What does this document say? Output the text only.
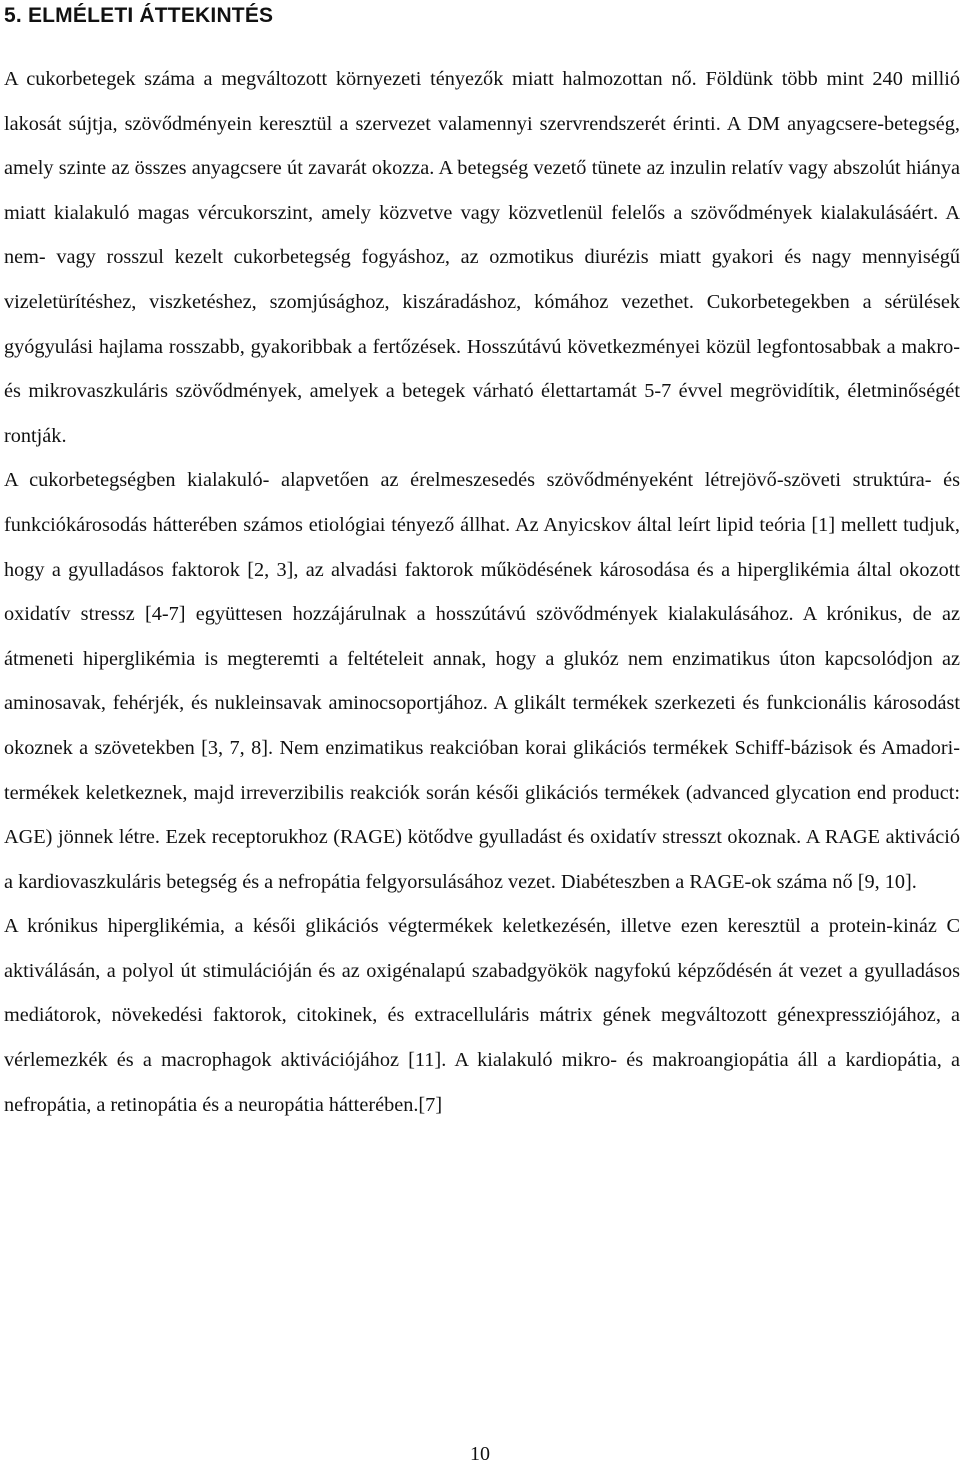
5. ELMÉLETI ÁTTEKINTÉS

A cukorbetegek száma a megváltozott környezeti tényezők miatt halmozottan nő. Földünk több mint 240 millió lakosát sújtja, szövődményein keresztül a szervezet valamennyi szervrendszerét érinti. A DM anyagcsere-betegség, amely szinte az összes anyagcsere út zavarát okozza. A betegség vezető tünete az inzulin relatív vagy abszolút hiánya miatt kialakuló magas vércukorszint, amely közvetve vagy közvetlenül felelős a szövődmények kialakulásáért. A nem- vagy rosszul kezelt cukorbetegség fogyáshoz, az ozmotikus diurézis miatt gyakori és nagy mennyiségű vizeletürítéshez, viszketéshez, szomjúsághoz, kiszáradáshoz, kómához vezethet. Cukorbetegekben a sérülések gyógyulási hajlama rosszabb, gyakoribbak a fertőzések. Hosszútávú következményei közül legfontosabbak a makro- és mikrovaszkuláris szövődmények, amelyek a betegek várható élettartamát 5-7 évvel megrövidítik, életminőségét rontják.

A cukorbetegségben kialakuló- alapvetően az érelmeszesedés szövődményeként létrejövő-szöveti struktúra- és funkciókárosodás hátterében számos etiológiai tényező állhat. Az Anyicskov által leírt lipid teória [1] mellett tudjuk, hogy a gyulladásos faktorok [2, 3], az alvadási faktorok működésének károsodása és a hiperglikémia által okozott oxidatív stressz [4-7] együttesen hozzájárulnak a hosszútávú szövődmények kialakulásához. A krónikus, de az átmeneti hiperglikémia is megteremti a feltételeit annak, hogy a glukóz nem enzimatikus úton kapcsolódjon az aminosavak, fehérjék, és nukleinsavak aminocsoportjához. A glikált termékek szerkezeti és funkcionális károsodást okoznek a szövetekben [3, 7, 8]. Nem enzimatikus reakcióban korai glikációs termékek Schiff-bázisok és Amadori-termékek keletkeznek, majd irreverzibilis reakciók során késői glikációs termékek (advanced glycation end product: AGE) jönnek létre. Ezek receptorukhoz (RAGE) kötődve gyulladást és oxidatív stresszt okoznak. A RAGE aktiváció a kardiovaszkuláris betegség és a nefropátia felgyorsulásához vezet. Diabéteszben a RAGE-ok száma nő [9, 10].

A krónikus hiperglikémia, a késői glikációs végtermékek keletkezésén, illetve ezen keresztül a protein-kináz C aktiválásán, a polyol út stimulációján és az oxigénalapú szabadgyökök nagyfokú képződésén át vezet a gyulladásos mediátorok, növekedési faktorok, citokinek, és extracelluláris mátrix gének megváltozott génexpressziójához, a vérlemezkék és a macrophagok aktivációjához [11]. A kialakuló mikro- és makroangiopátia áll a kardiopátia, a nefropátia, a retinopátia és a neuropátia hátterében.[7]

10
